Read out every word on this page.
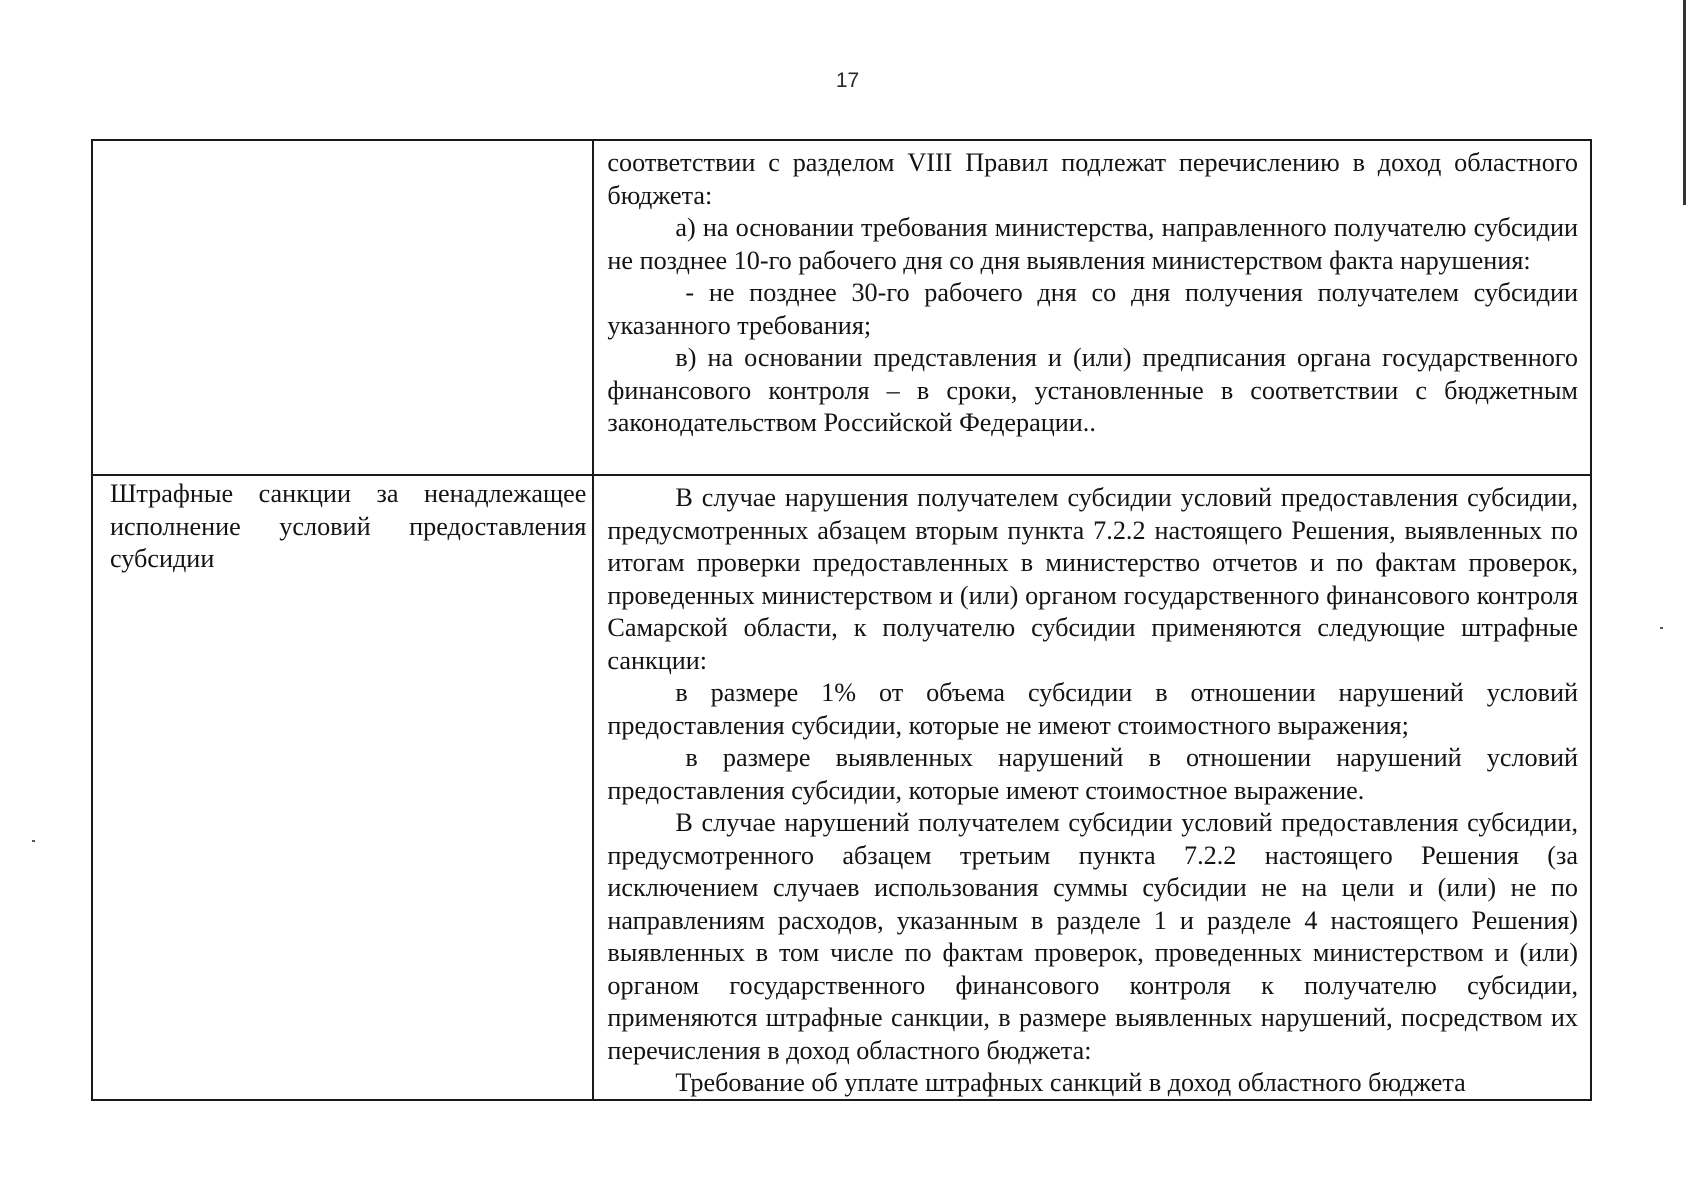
17

	соответствии с разделом VIII Правил подлежат перечислению в доход областного бюджета:

а) на основании требования министерства, направленного получателю субсидии не позднее 10-го рабочего дня со дня выявления министерством факта нарушения:

- не позднее 30-го рабочего дня со дня получения получателем субсидии указанного требования;

в) на основании представления и (или) предписания органа государственного финансового контроля – в сроки, установленные в соответствии с бюджетным законодательством Российской Федерации..

Штрафные санкции за ненадлежащее исполнение условий предоставления субсидии	В случае нарушения получателем субсидии условий предоставления субсидии, предусмотренных абзацем вторым пункта 7.2.2 настоящего Решения, выявленных по итогам проверки предоставленных в министерство отчетов и по фактам проверок, проведенных министерством и (или) органом государственного финансового контроля Самарской области, к получателю субсидии применяются следующие штрафные санкции:

в размере 1% от объема субсидии в отношении нарушений условий предоставления субсидии, которые не имеют стоимостного выражения;

в размере выявленных нарушений в отношении нарушений условий предоставления субсидии, которые имеют стоимостное выражение.

В случае нарушений получателем субсидии условий предоставления субсидии, предусмотренного абзацем третьим пункта 7.2.2 настоящего Решения (за исключением случаев использования суммы субсидии не на цели и (или) не по направлениям расходов, указанным в разделе 1 и разделе 4 настоящего Решения) выявленных в том числе по фактам проверок, проведенных министерством и (или) органом государственного финансового контроля к получателю субсидии, применяются штрафные санкции, в размере выявленных нарушений, посредством их перечисления в доход областного бюджета:

Требование об уплате штрафных санкций в доход областного бюджета
